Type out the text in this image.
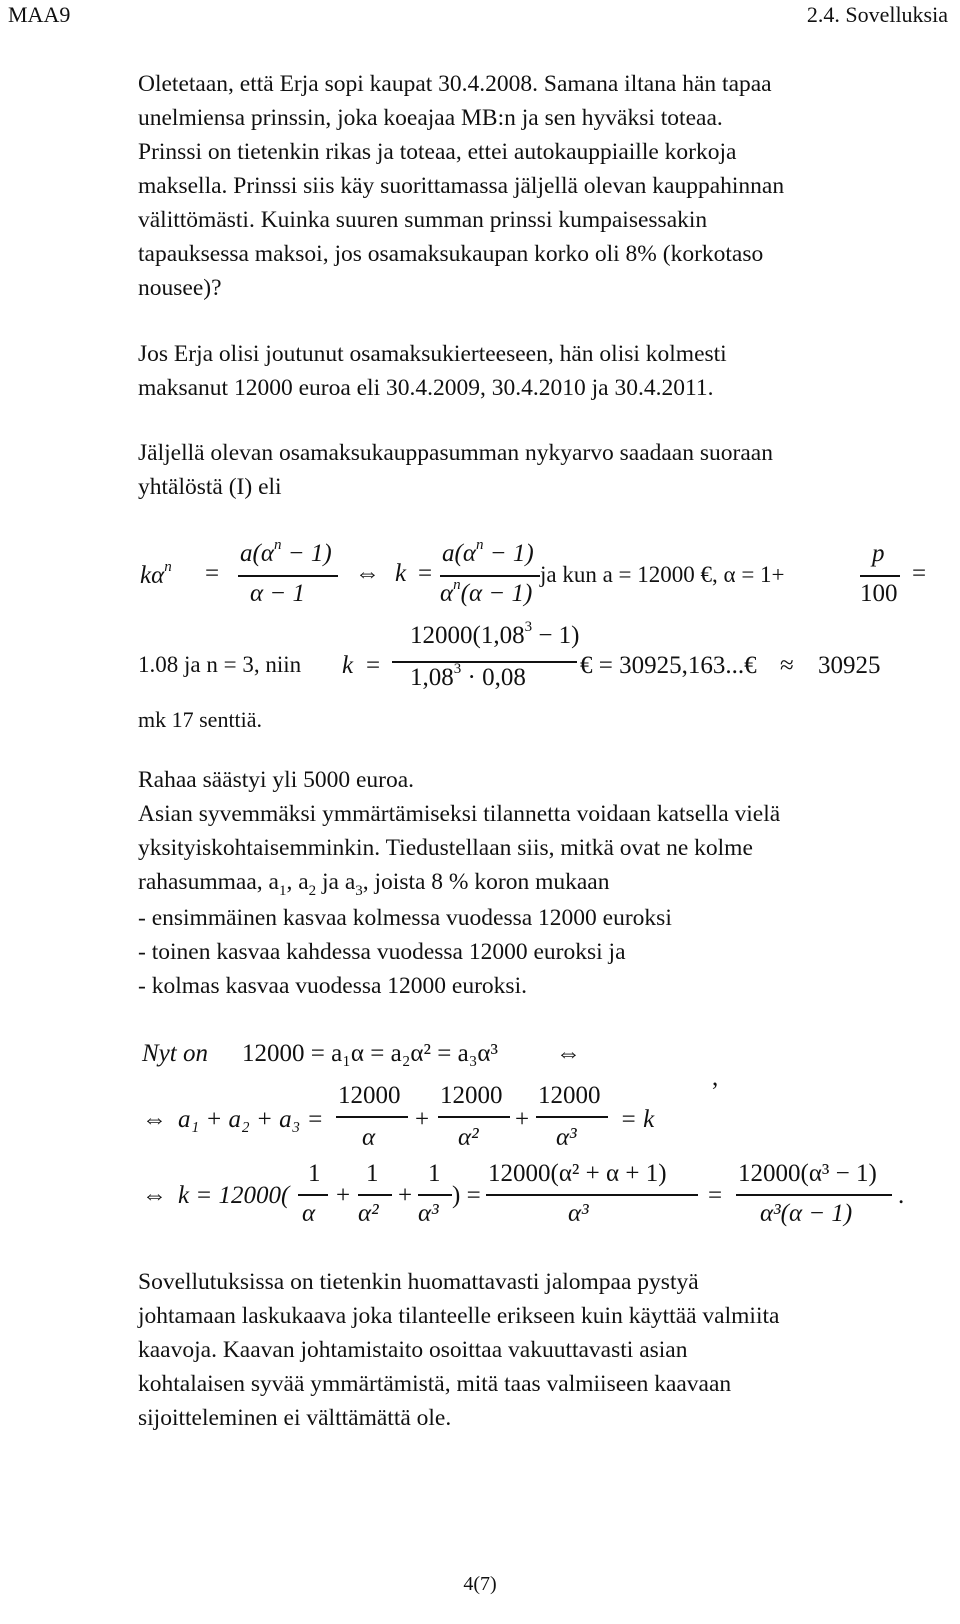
MAA9	2.4. Sovelluksia
Oletetaan, että Erja sopi kaupat 30.4.2008. Samana iltana hän tapaa
unelmiensa prinssin, joka koeajaa MB:n ja sen hyväksi toteaa.
Prinssi on tietenkin rikas ja toteaa, ettei autokauppiaille korkoja
maksella. Prinssi siis käy suorittamassa jäljellä olevan kauppahinnan
välittömästi. Kuinka suuren summan prinssi kumpaisessakin
tapauksessa maksoi, jos osamaksukaupan korko oli 8% (korkotaso
nousee)?
Jos Erja olisi joutunut osamaksukierteeseen, hän olisi kolmesti
maksanut 12000 euroa eli 30.4.2009, 30.4.2010 ja 30.4.2011.
Jäljellä olevan osamaksukauppasumman nykyarvo saadaan suoraan
yhtälöstä (I) eli
$k\alpha^n$ =
$a(\alpha^n - 1)$
α − 1
⇔ k =
$a(\alpha^n - 1)$
$\alpha^n(\alpha - 1)$
ja kun a = 12000 €, α = 1+
p
100
=
1.08 ja n = 3, niin k =
$12000(1,08^3 - 1)$
$1,08^3 \cdot 0,08$ € = 30925,163...€ ≈ 30925
mk 17 senttiä.
Rahaa säästyi yli 5000 euroa.
Asian syvemmäksi ymmärtämiseksi tilannetta voidaan katsella vielä
yksityiskohtaisemminkin. Tiedustellaan siis, mitkä ovat ne kolme
rahasummaa, $a_1$, $a_2$ ja $a_3$, joista 8 % koron mukaan
- ensimmäinen kasvaa kolmessa vuodessa 12000 euroksi
- toinen kasvaa kahdessa vuodessa 12000 euroksi ja
- kolmas kasvaa vuodessa 12000 euroksi.
Nyt on 12000 = a₁α = a₂α² = a₃α³ ⇔
,
⇔ a₁ + a₂ + a₃ =
12000
α
+
12000
α²
+
12000
α³
= k
⇔ k = 12000(
1
α
+
1
α²
+
1
α³
) =
12000(α² + α + 1)
α³
=
12000(α³ − 1)
α³(α − 1)
.
Sovellutuksissa on tietenkin huomattavasti jalompaa pystyä
johtamaan laskukaava joka tilanteelle erikseen kuin käyttää valmiita
kaavoja. Kaavan johtamistaito osoittaa vakuuttavasti asian
kohtalaisen syvää ymmärtämistä, mitä taas valmiiseen kaavaan
sijoitteleminen ei välttämättä ole.
4(7)
